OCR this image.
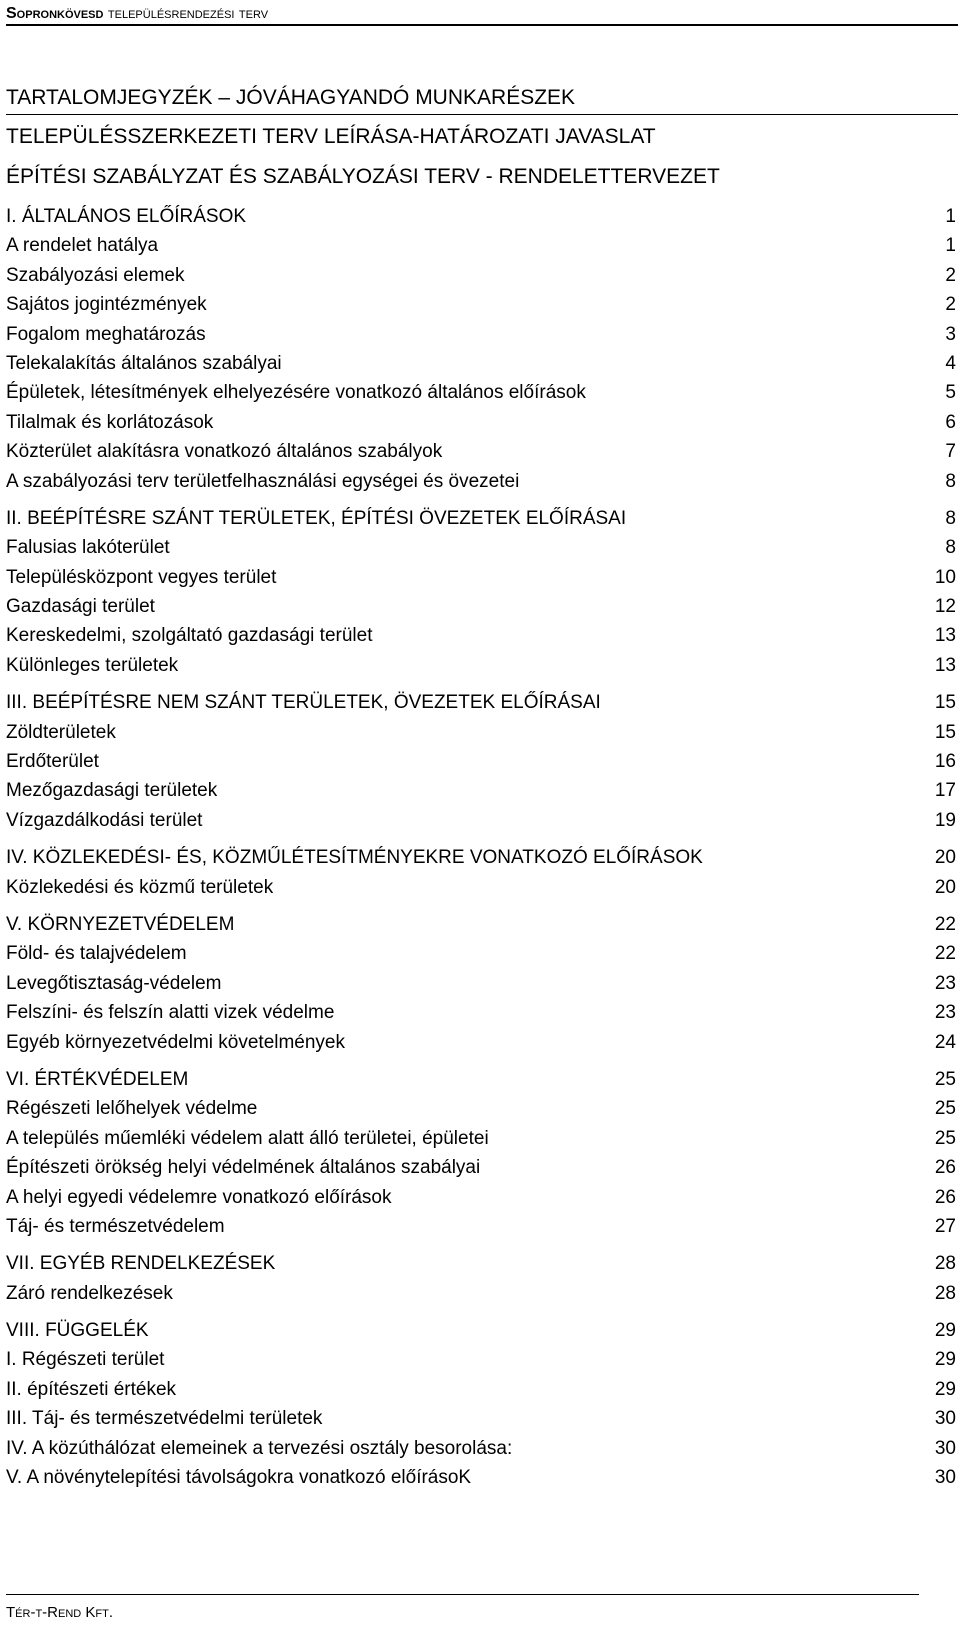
Sopronkövesd településrendezési terv
TARTALOMJEGYZÉK – JÓVÁHAGYANDÓ MUNKARÉSZEK
TELEPÜLÉSSZERKEZETI TERV LEÍRÁSA-HATÁROZATI JAVASLAT
ÉPÍTÉSI SZABÁLYZAT ÉS SZABÁLYOZÁSI TERV - RENDELETTERVEZET
I. ÁLTALÁNOS ELŐÍRÁSOK	1
A rendelet hatálya	1
Szabályozási elemek	2
Sajátos jogintézmények	2
Fogalom meghatározás	3
Telekalakítás általános szabályai	4
Épületek, létesítmények elhelyezésére vonatkozó általános előírások	5
Tilalmak és korlátozások	6
Közterület alakításra vonatkozó általános szabályok	7
A szabályozási terv területfelhasználási egységei és övezetei	8
II. BEÉPÍTÉSRE SZÁNT TERÜLETEK, ÉPÍTÉSI ÖVEZETEK ELŐÍRÁSAI	8
Falusias lakóterület	8
Településközpont vegyes terület	10
Gazdasági terület	12
Kereskedelmi, szolgáltató gazdasági terület	13
Különleges területek	13
III. BEÉPÍTÉSRE NEM SZÁNT TERÜLETEK, ÖVEZETEK ELŐÍRÁSAI	15
Zöldterületek	15
Erdőterület	16
Mezőgazdasági területek	17
Vízgazdálkodási terület	19
IV. KÖZLEKEDÉSI- ÉS, KÖZMŰLÉTESÍTMÉNYEKRE VONATKOZÓ ELŐÍRÁSOK	20
Közlekedési és közmű területek	20
V. KÖRNYEZETVÉDELEM	22
Föld- és talajvédelem	22
Levegőtisztaság-védelem	23
Felszíni- és felszín alatti vizek védelme	23
Egyéb környezetvédelmi követelmények	24
VI. ÉRTÉKVÉDELEM	25
Régészeti lelőhelyek védelme	25
A település műemléki védelem alatt álló területei, épületei	25
Építészeti örökség helyi védelmének általános szabályai	26
A helyi egyedi védelemre vonatkozó előírások	26
Táj- és természetvédelem	27
VII. EGYÉB RENDELKEZÉSEK	28
Záró rendelkezések	28
VIII. FÜGGELÉK	29
I. Régészeti terület	29
II. építészeti értékek	29
III. Táj- és természetvédelmi területek	30
IV. A közúthálózat elemeinek a tervezési osztály besorolása:	30
V. A növénytelepítési távolságokra vonatkozó előírásoK	30
Tér-t-Rend Kft.
